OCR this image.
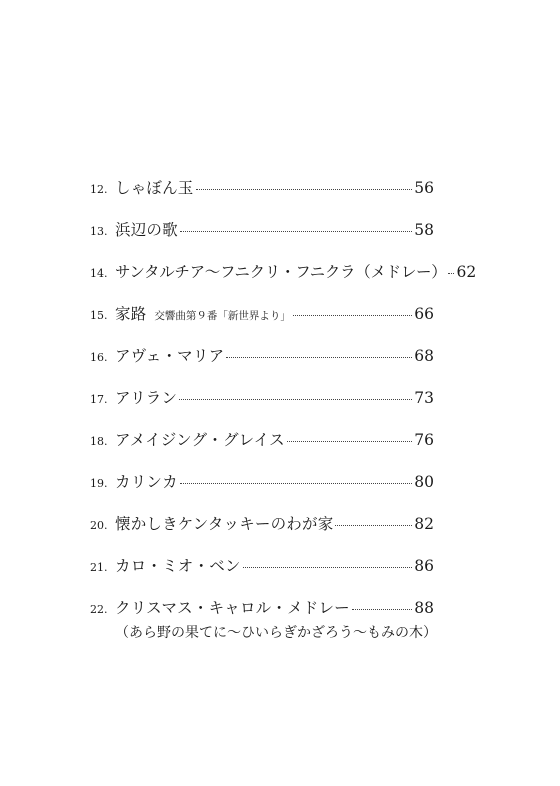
12. しゃぼん玉	56
13. 浜辺の歌	58
14. サンタルチア〜フニクリ・フニクラ（メドレー） 62
15. 家路 交響曲第９番「新世界より」	66
16. アヴェ・マリア	68
17. アリラン	73
18. アメイジング・グレイス	76
19. カリンカ	80
20. 懐かしきケンタッキーのわが家	82
21. カロ・ミオ・ベン	86
22. クリスマス・キャロル・メドレー	88
（あら野の果てに〜ひいらぎかざろう〜もみの木）
